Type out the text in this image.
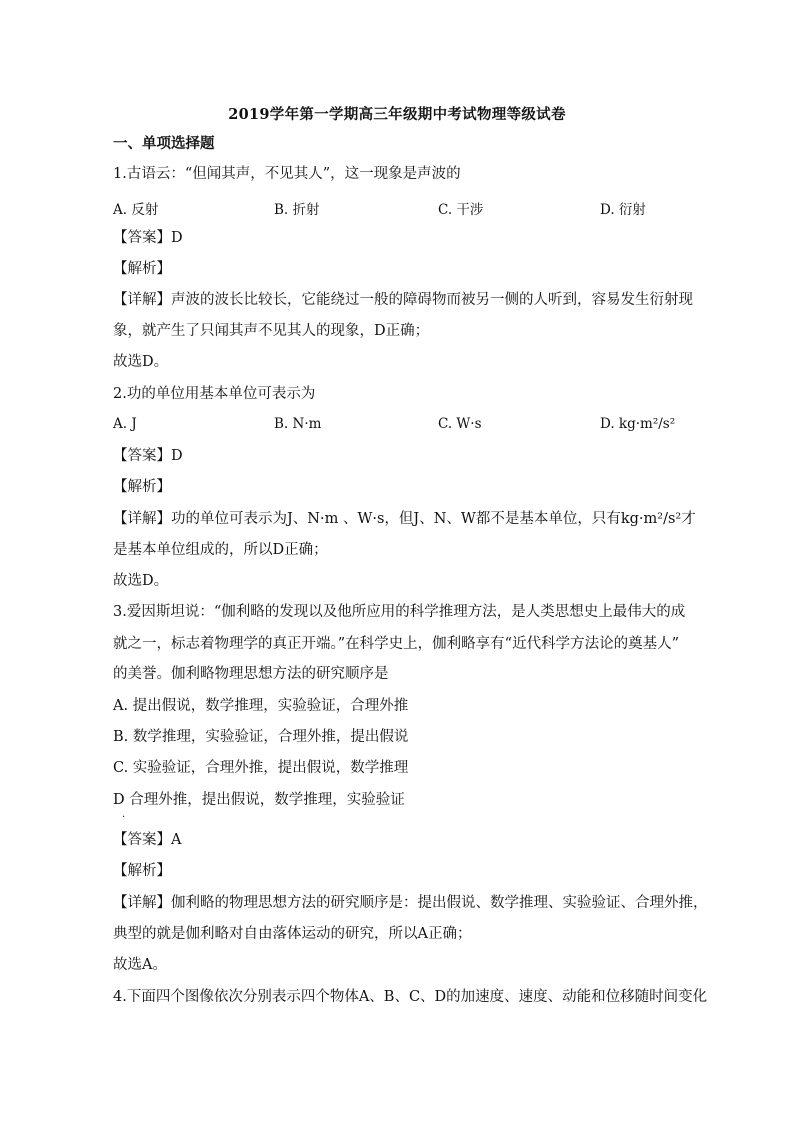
2019学年第一学期高三年级期中考试物理等级试卷
一、单项选择题
1.古语云：“但闻其声，不见其人”，这一现象是声波的
A. 反射	B. 折射	C. 干涉	D. 衍射
【答案】D
【解析】
【详解】声波的波长比较长，它能绕过一般的障碍物而被另一侧的人听到，容易发生衍射现
象，就产生了只闻其声不见其人的现象，D正确；
故选D。
2.功的单位用基本单位可表示为
A. J	B. N·m	C. W·s	D. kg·m²/s²
【答案】D
【解析】
【详解】功的单位可表示为J、N·m 、W·s，但J、N、W都不是基本单位，只有kg·m²/s²才
是基本单位组成的，所以D正确；
故选D。
3.爱因斯坦说：“伽利略的发现以及他所应用的科学推理方法，是人类思想史上最伟大的成
就之一，标志着物理学的真正开端。”在科学史上，伽利略享有“近代科学方法论的奠基人”
的美誉。伽利略物理思想方法的研究顺序是
A. 提出假说，数学推理，实验验证，合理外推
B. 数学推理，实验验证，合理外推，提出假说
C. 实验验证，合理外推，提出假说，数学推理
D 合理外推，提出假说，数学推理，实验验证
·
【答案】A
【解析】
【详解】伽利略的物理思想方法的研究顺序是：提出假说、数学推理、实验验证、合理外推，
典型的就是伽利略对自由落体运动的研究，所以A正确；
故选A。
4.下面四个图像依次分别表示四个物体A、B、C、D的加速度、速度、动能和位移随时间变化
